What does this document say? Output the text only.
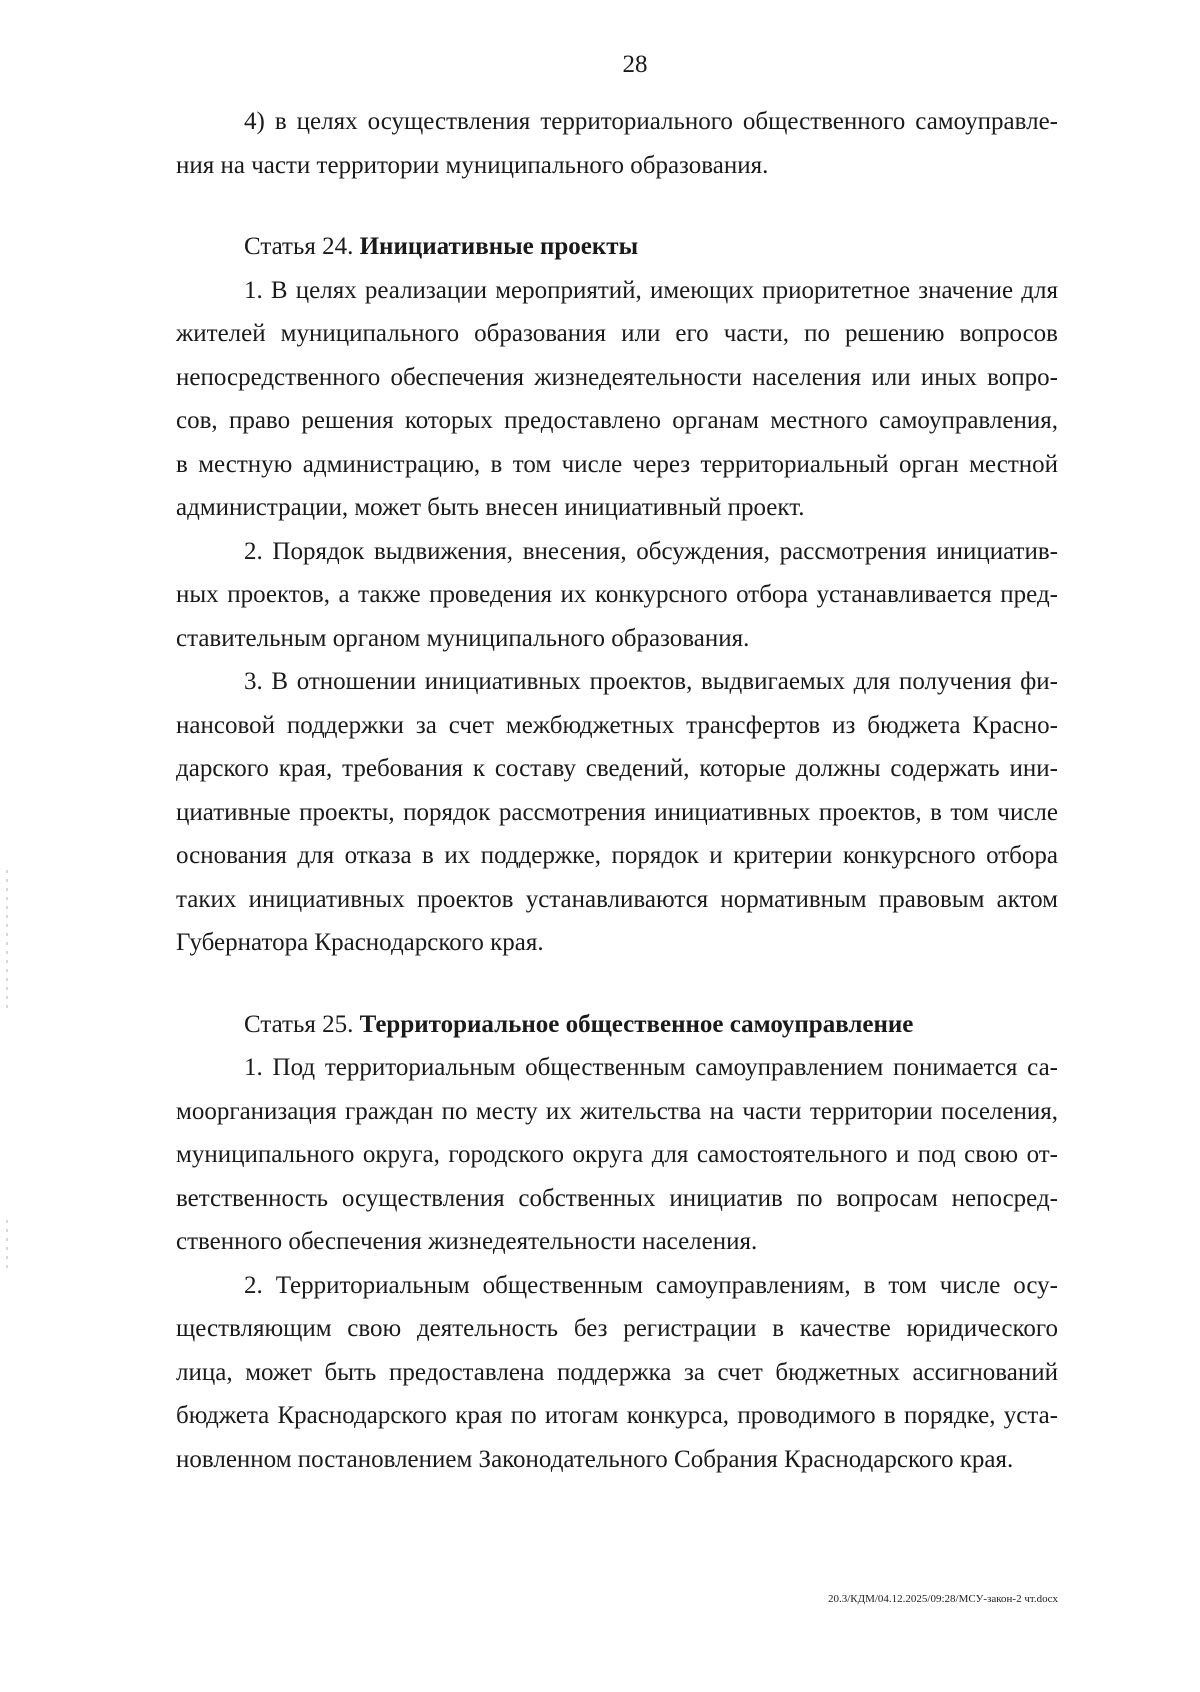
28
4) в целях осуществления территориального общественного самоуправле-
ния на части территории муниципального образования.
Статья 24. Инициативные проекты
1. В целях реализации мероприятий, имеющих приоритетное значение для
жителей муниципального образования или его части, по решению вопросов
непосредственного обеспечения жизнедеятельности населения или иных вопро-
сов, право решения которых предоставлено органам местного самоуправления,
в местную администрацию, в том числе через территориальный орган местной
администрации, может быть внесен инициативный проект.
2. Порядок выдвижения, внесения, обсуждения, рассмотрения инициатив-
ных проектов, а также проведения их конкурсного отбора устанавливается пред-
ставительным органом муниципального образования.
3. В отношении инициативных проектов, выдвигаемых для получения фи-
нансовой поддержки за счет межбюджетных трансфертов из бюджета Красно-
дарского края, требования к составу сведений, которые должны содержать ини-
циативные проекты, порядок рассмотрения инициативных проектов, в том числе
основания для отказа в их поддержке, порядок и критерии конкурсного отбора
таких инициативных проектов устанавливаются нормативным правовым актом
Губернатора Краснодарского края.
Статья 25. Территориальное общественное самоуправление
1. Под территориальным общественным самоуправлением понимается са-
моорганизация граждан по месту их жительства на части территории поселения,
муниципального округа, городского округа для самостоятельного и под свою от-
ветственность осуществления собственных инициатив по вопросам непосред-
ственного обеспечения жизнедеятельности населения.
2. Территориальным общественным самоуправлениям, в том числе осу-
ществляющим свою деятельность без регистрации в качестве юридического
лица, может быть предоставлена поддержка за счет бюджетных ассигнований
бюджета Краснодарского края по итогам конкурса, проводимого в порядке, уста-
новленном постановлением Законодательного Собрания Краснодарского края.
20.3/КДМ/04.12.2025/09:28/МСУ-закон-2 чт.docx
